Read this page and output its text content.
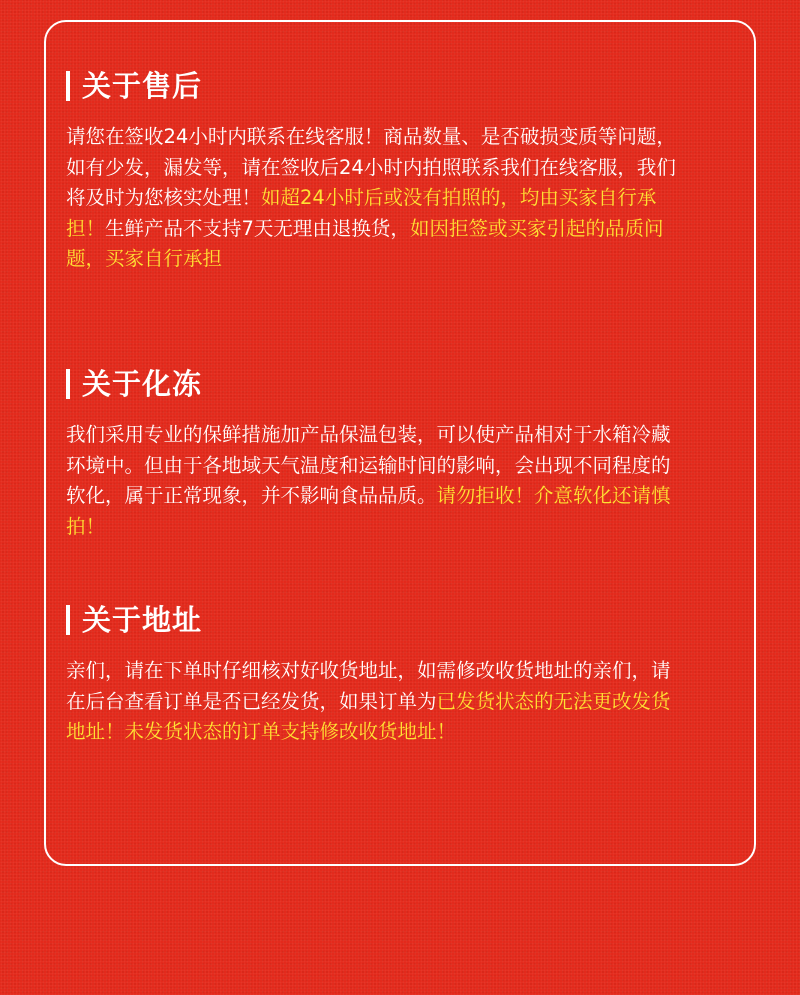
关于售后
请您在签收24小时内联系在线客服！商品数量、是否破损变质等问题，如有少发，漏发等，请在签收后24小时内拍照联系我们在线客服，我们将及时为您核实处理！如超24小时后或没有拍照的，均由买家自行承担！生鲜产品不支持7天无理由退换货，如因拒签或买家引起的品质问题，买家自行承担
关于化冻
我们采用专业的保鲜措施加产品保温包装，可以使产品相对于水箱冷藏环境中。但由于各地域天气温度和运输时间的影响，会出现不同程度的软化，属于正常现象，并不影响食品品质。请勿拒收！介意软化还请慎拍！
关于地址
亲们，请在下单时仔细核对好收货地址，如需修改收货地址的亲们，请在后台查看订单是否已经发货，如果订单为已发货状态的无法更改发货地址！未发货状态的订单支持修改收货地址！
